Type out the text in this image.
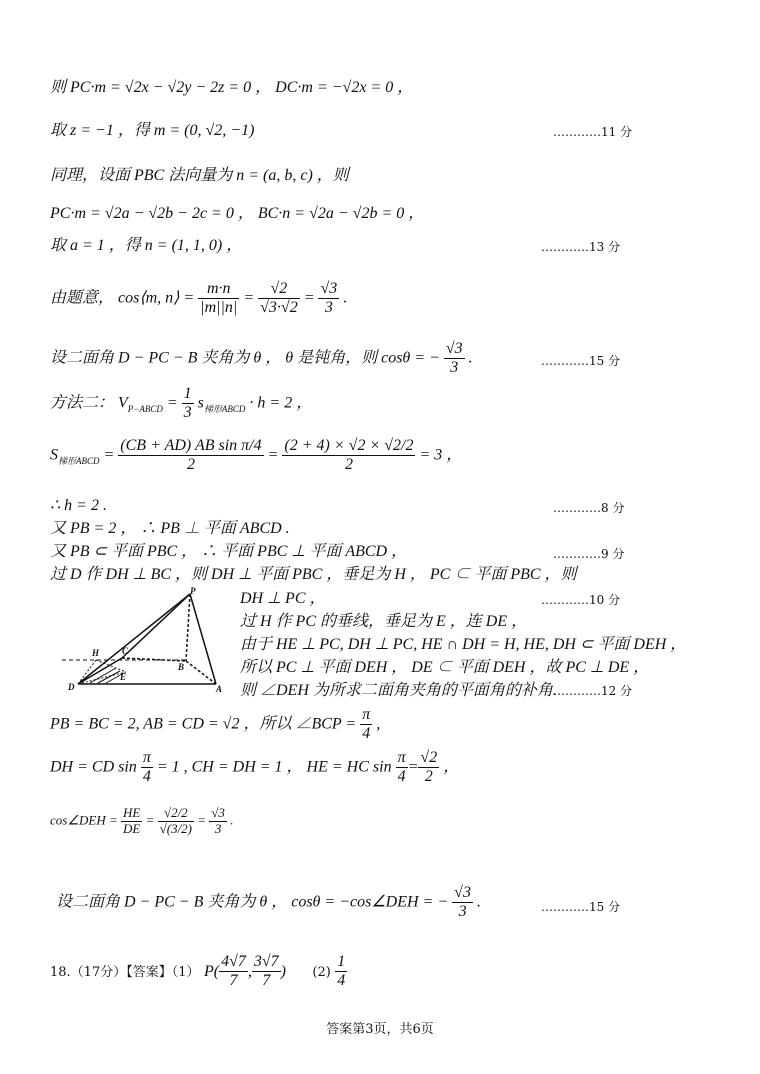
则 PC·m = √2x − √2y − 2z = 0 ， DC·m = −√2x = 0 ，
取 z = −1 ，得 m = (0, √2, −1)	…………11 分
同理，设面 PBC 法向量为 n = (a, b, c) ，则
PC·m = √2a − √2b − 2c = 0 ， BC·n = √2a − √2b = 0 ，
取 a = 1 ，得 n = (1, 1, 0) ，	…………13 分
由题意， cos⟨m, n⟩ = $\frac{m\cdot n}{|m||n|} = \frac{√2}{√3\cdot√2} = \frac{√3}{3}$ .
设二面角 D − PC − B 夹角为 θ ， θ 是钝角，则 cosθ = − $\frac{√3}{3}$ .	…………15 分
方法二： $V_{P-ABCD} = \frac{1}{3} s_{梯形ABCD} \cdot h = 2$ ，
$S_{梯形ABCD} = \frac{\text{(CB + AD) AB sin π/4}}{2} = \frac{(2 + 4) \times √2 \times √2/2}{2} = 3$ ，
∴ h = 2 .	…………8 分
又 PB = 2 ， ∴ PB ⊥ 平面 ABCD .
又 PB ⊂ 平面 PBC ， ∴ 平面 PBC ⊥ 平面 ABCD ，	…………9 分
过 D 作 DH ⊥ BC ，则 DH ⊥ 平面 PBC ，垂足为 H ， PC ⊂ 平面 PBC ，则
P
H	C
B
E
D	A
DH ⊥ PC ，	…………10 分
过 H 作 PC 的垂线，垂足为 E ，连 DE ，
由于 HE ⊥ PC, DH ⊥ PC, HE ∩ DH = H, HE, DH ⊂ 平面 DEH ，
所以 PC ⊥ 平面 DEH ， DE ⊂ 平面 DEH ，故 PC ⊥ DE ，
则 ∠DEH 为所求二面角夹角的平面角的补角.
…………12 分
PB = BC = 2, AB = CD = √2 ，所以 ∠BCP = $\frac{\pi}{4}$ ,
DH = CD $\sin \frac{\pi}{4} = 1$ , CH = DH = 1 ， HE = HC $\sin \frac{\pi}{4} = \frac{√2}{2}$ ，
cos∠DEH = $\frac{HE}{DE} = \frac{√2/2}{√(3/2)} = \frac{√3}{3}$ .
设二面角 D − PC − B 夹角为 θ ， cosθ = −cos∠DEH = − $\frac{√3}{3}$ .	…………15 分
18.（17分）【答案】（1） $P( \frac{4√7}{7}$ , $\frac{3√7}{7}$ ) $(2) \frac{1}{4}$
答案第3页，共6页
